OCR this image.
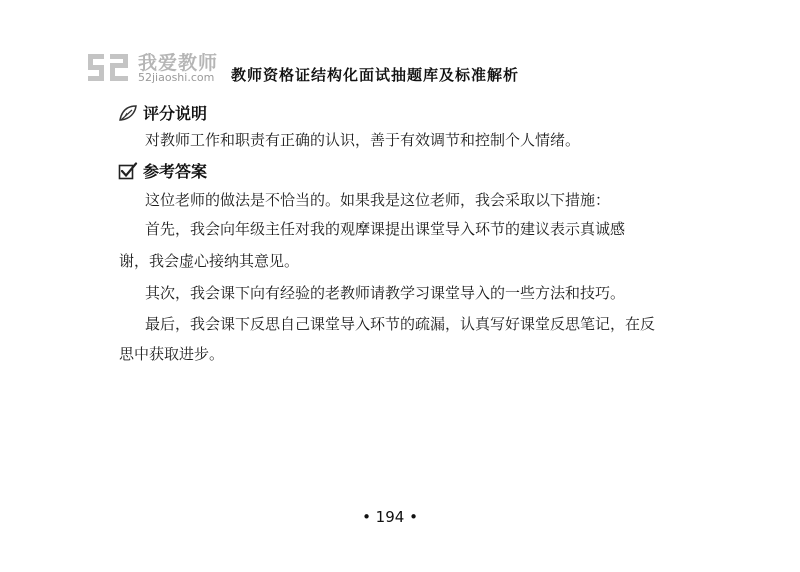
我爱教师
52jiaoshi.com 教师资格证结构化面试抽题库及标准解析
评分说明

对教师工作和职责有正确的认识，善于有效调节和控制个人情绪。

参考答案

这位老师的做法是不恰当的。如果我是这位老师，我会采取以下措施：

首先，我会向年级主任对我的观摩课提出课堂导入环节的建议表示真诚感

谢，我会虚心接纳其意见。

其次，我会课下向有经验的老教师请教学习课堂导入的一些方法和技巧。

最后，我会课下反思自己课堂导入环节的疏漏，认真写好课堂反思笔记，在反

思中获取进步。

• 194 •
